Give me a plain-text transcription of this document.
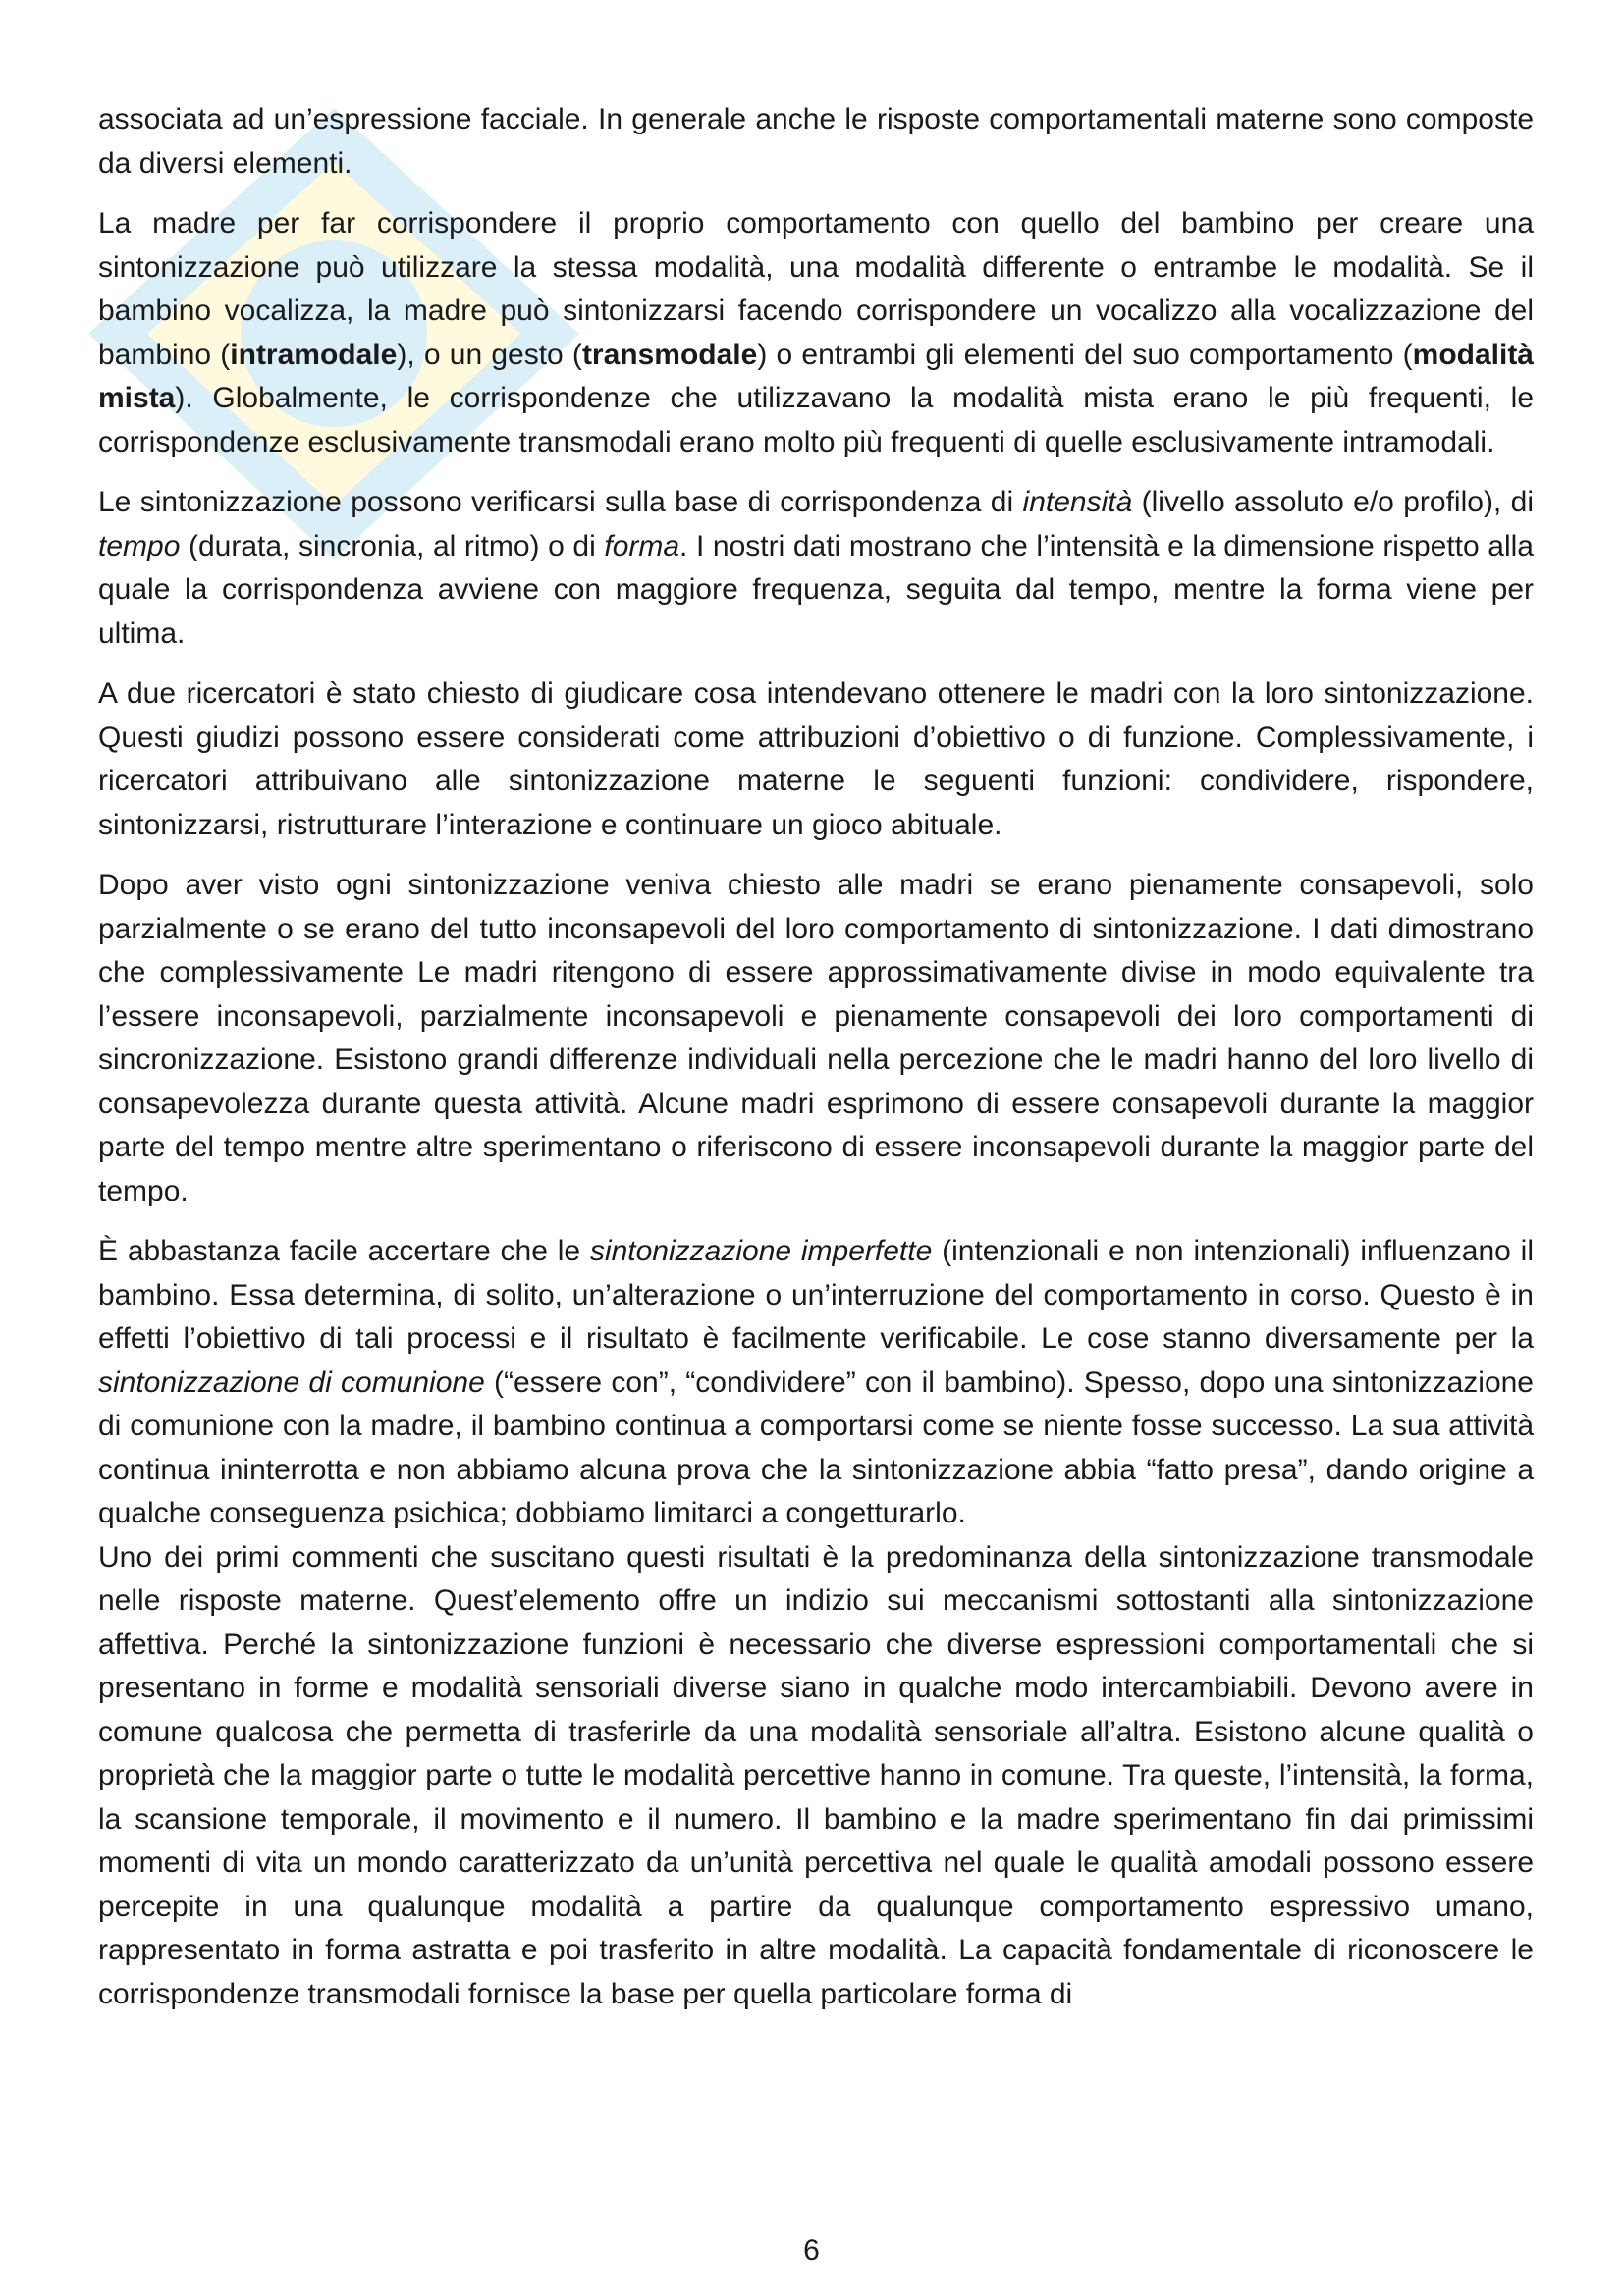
associata ad un’espressione facciale. In generale anche le risposte comportamentali materne sono composte da diversi elementi.

La madre per far corrispondere il proprio comportamento con quello del bambino per creare una sintonizzazione può utilizzare la stessa modalità, una modalità differente o entrambe le modalità. Se il bambino vocalizza, la madre può sintonizzarsi facendo corrispondere un vocalizzo alla vocalizzazione del bambino (intramodale), o un gesto (transmodale) o entrambi gli elementi del suo comportamento (modalità mista). Globalmente, le corrispondenze che utilizzavano la modalità mista erano le più frequenti, le corrispondenze esclusivamente transmodali erano molto più frequenti di quelle esclusivamente intramodali.

Le sintonizzazione possono verificarsi sulla base di corrispondenza di intensità (livello assoluto e/o profilo), di tempo (durata, sincronia, al ritmo) o di forma. I nostri dati mostrano che l’intensità e la dimensione rispetto alla quale la corrispondenza avviene con maggiore frequenza, seguita dal tempo, mentre la forma viene per ultima.

A due ricercatori è stato chiesto di giudicare cosa intendevano ottenere le madri con la loro sintonizzazione. Questi giudizi possono essere considerati come attribuzioni d’obiettivo o di funzione. Complessivamente, i ricercatori attribuivano alle sintonizzazione materne le seguenti funzioni: condividere, rispondere, sintonizzarsi, ristrutturare l’interazione e continuare un gioco abituale.

Dopo aver visto ogni sintonizzazione veniva chiesto alle madri se erano pienamente consapevoli, solo parzialmente o se erano del tutto inconsapevoli del loro comportamento di sintonizzazione. I dati dimostrano che complessivamente Le madri ritengono di essere approssimativamente divise in modo equivalente tra l’essere inconsapevoli, parzialmente inconsapevoli e pienamente consapevoli dei loro comportamenti di sincronizzazione. Esistono grandi differenze individuali nella percezione che le madri hanno del loro livello di consapevolezza durante questa attività. Alcune madri esprimono di essere consapevoli durante la maggior parte del tempo mentre altre sperimentano o riferiscono di essere inconsapevoli durante la maggior parte del tempo.

È abbastanza facile accertare che le sintonizzazione imperfette (intenzionali e non intenzionali) influenzano il bambino. Essa determina, di solito, un’alterazione o un’interruzione del comportamento in corso. Questo è in effetti l’obiettivo di tali processi e il risultato è facilmente verificabile. Le cose stanno diversamente per la sintonizzazione di comunione (“essere con”, “condividere” con il bambino). Spesso, dopo una sintonizzazione di comunione con la madre, il bambino continua a comportarsi come se niente fosse successo. La sua attività continua ininterrotta e non abbiamo alcuna prova che la sintonizzazione abbia “fatto presa”, dando origine a qualche conseguenza psichica; dobbiamo limitarci a congetturarlo.

Uno dei primi commenti che suscitano questi risultati è la predominanza della sintonizzazione transmodale nelle risposte materne. Quest’elemento offre un indizio sui meccanismi sottostanti alla sintonizzazione affettiva. Perché la sintonizzazione funzioni è necessario che diverse espressioni comportamentali che si presentano in forme e modalità sensoriali diverse siano in qualche modo intercambiabili. Devono avere in comune qualcosa che permetta di trasferirle da una modalità sensoriale all’altra. Esistono alcune qualità o proprietà che la maggior parte o tutte le modalità percettive hanno in comune. Tra queste, l’intensità, la forma, la scansione temporale, il movimento e il numero. Il bambino e la madre sperimentano fin dai primissimi momenti di vita un mondo caratterizzato da un’unità percettiva nel quale le qualità amodali possono essere percepite in una qualunque modalità a partire da qualunque comportamento espressivo umano, rappresentato in forma astratta e poi trasferito in altre modalità. La capacità fondamentale di riconoscere le corrispondenze transmodali fornisce la base per quella particolare forma di

6
